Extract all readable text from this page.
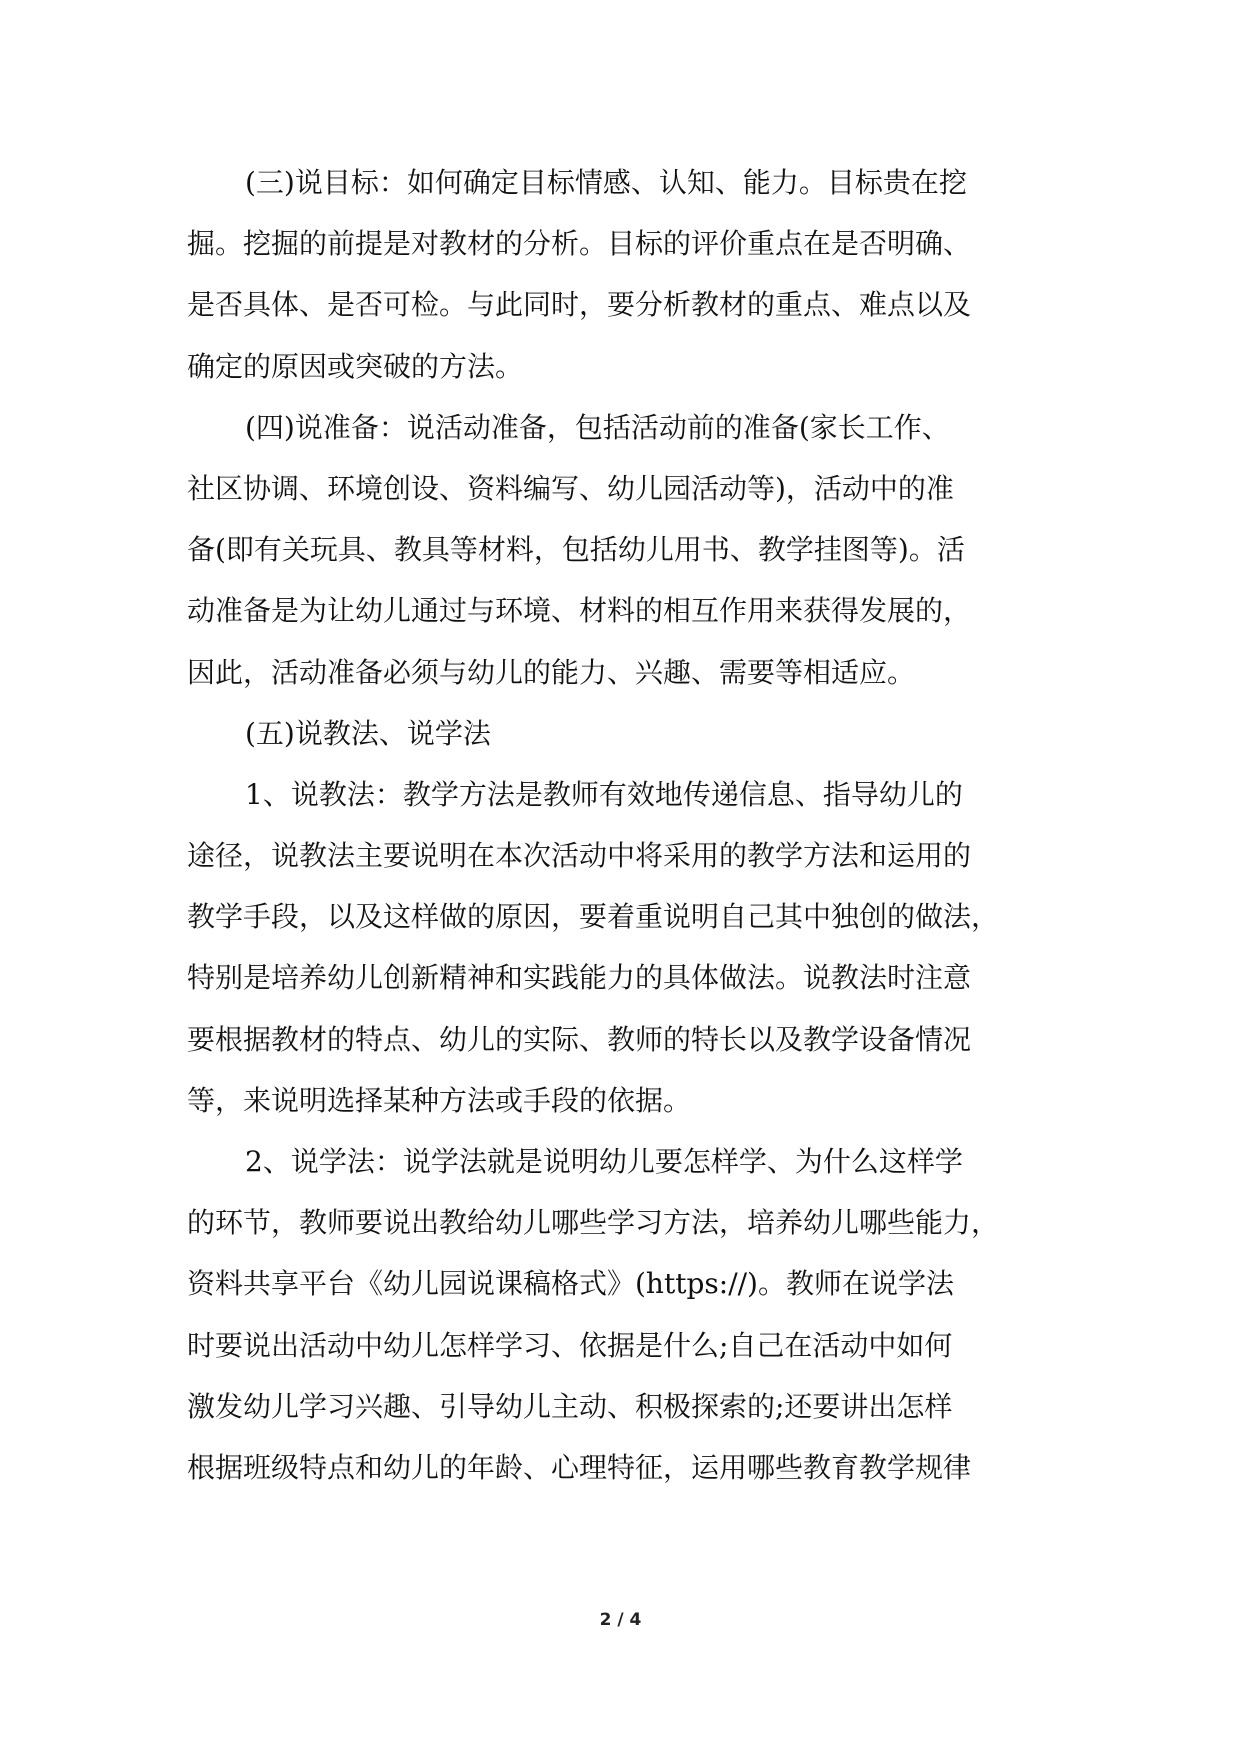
(三)说目标：如何确定目标情感、认知、能力。目标贵在挖
掘。挖掘的前提是对教材的分析。目标的评价重点在是否明确、
是否具体、是否可检。与此同时，要分析教材的重点、难点以及
确定的原因或突破的方法。
(四)说准备：说活动准备，包括活动前的准备(家长工作、
社区协调、环境创设、资料编写、幼儿园活动等)，活动中的准
备(即有关玩具、教具等材料，包括幼儿用书、教学挂图等)。活
动准备是为让幼儿通过与环境、材料的相互作用来获得发展的，
因此，活动准备必须与幼儿的能力、兴趣、需要等相适应。
(五)说教法、说学法
1、说教法：教学方法是教师有效地传递信息、指导幼儿的
途径，说教法主要说明在本次活动中将采用的教学方法和运用的
教学手段，以及这样做的原因，要着重说明自己其中独创的做法，
特别是培养幼儿创新精神和实践能力的具体做法。说教法时注意
要根据教材的特点、幼儿的实际、教师的特长以及教学设备情况
等，来说明选择某种方法或手段的依据。
2、说学法：说学法就是说明幼儿要怎样学、为什么这样学
的环节，教师要说出教给幼儿哪些学习方法，培养幼儿哪些能力，
资料共享平台《幼儿园说课稿格式》(https://)。教师在说学法
时要说出活动中幼儿怎样学习、依据是什么;自己在活动中如何
激发幼儿学习兴趣、引导幼儿主动、积极探索的;还要讲出怎样
根据班级特点和幼儿的年龄、心理特征，运用哪些教育教学规律
2 / 4
